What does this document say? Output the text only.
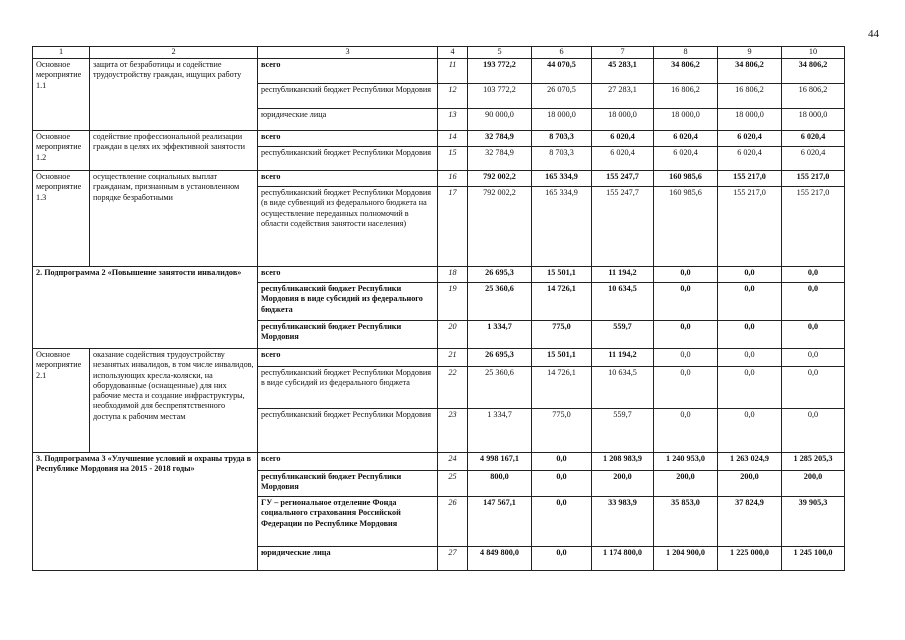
44
1	2	3	4	5	6	7	8	9	10
Основное мероприятие 1.1	защита от безработицы и содействие трудоустройству граждан, ищущих работу	всего	11	193 772,2	44 070,5	45 283,1	34 806,2	34 806,2	34 806,2
		республиканский бюджет Республики Мордовия	12	103 772,2	26 070,5	27 283,1	16 806,2	16 806,2	16 806,2
		юридические лица	13	90 000,0	18 000,0	18 000,0	18 000,0	18 000,0	18 000,0
Основное мероприятие 1.2	содействие профессиональной реализации граждан в целях их эффективной занятости	всего	14	32 784,9	8 703,3	6 020,4	6 020,4	6 020,4	6 020,4
		республиканский бюджет Республики Мордовия	15	32 784,9	8 703,3	6 020,4	6 020,4	6 020,4	6 020,4
Основное мероприятие 1.3	осуществление социальных выплат гражданам, признанным в установленном порядке безработными	всего	16	792 002,2	165 334,9	155 247,7	160 985,6	155 217,0	155 217,0
		республиканский бюджет Республики Мордовия (в виде субвенций из федерального бюджета на осуществление переданных полномочий в области содействия занятости населения)	17	792 002,2	165 334,9	155 247,7	160 985,6	155 217,0	155 217,0
2. Подпрограмма 2 «Повышение занятости инвалидов»		всего	18	26 695,3	15 501,1	11 194,2	0,0	0,0	0,0
		республиканский бюджет Республики Мордовия в виде субсидий из федерального бюджета	19	25 360,6	14 726,1	10 634,5	0,0	0,0	0,0
		республиканский бюджет Республики Мордовия	20	1 334,7	775,0	559,7	0,0	0,0	0,0
Основное мероприятие 2.1	оказание содействия трудоустройству незанятых инвалидов, в том числе инвалидов, использующих кресла-коляски, на оборудованные (оснащенные) для них рабочие места и создание инфраструктуры, необходимой для беспрепятственного доступа к рабочим местам	всего	21	26 695,3	15 501,1	11 194,2	0,0	0,0	0,0
		республиканский бюджет Республики Мордовия в виде субсидий из федерального бюджета	22	25 360,6	14 726,1	10 634,5	0,0	0,0	0,0
		республиканский бюджет Республики Мордовия	23	1 334,7	775,0	559,7	0,0	0,0	0,0
3. Подпрограмма 3 «Улучшение условий и охраны труда в Республике Мордовия на 2015 - 2018 годы»		всего	24	4 998 167,1	0,0	1 208 983,9	1 240 953,0	1 263 024,9	1 285 205,3
		республиканский бюджет Республики Мордовия	25	800,0	0,0	200,0	200,0	200,0	200,0
		ГУ – региональное отделение Фонда социального страхования Российской Федерации по Республике Мордовия	26	147 567,1	0,0	33 983,9	35 853,0	37 824,9	39 905,3
		юридические лица	27	4 849 800,0	0,0	1 174 800,0	1 204 900,0	1 225 000,0	1 245 100,0
